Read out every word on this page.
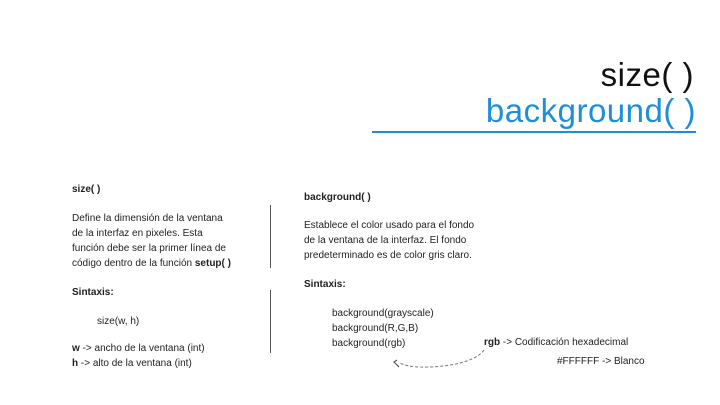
size( )
background( )
size( )
Define la dimensión de la ventana
de la interfaz en pixeles. Esta
función debe ser la primer línea de
código dentro de la función setup( )
Sintaxis:
size(w, h)
w -> ancho de la ventana (int)
h -> alto de la ventana (int)
background( )
Establece el color usado para el fondo
de la ventana de la interfaz. El fondo
predeterminado es de color gris claro.
Sintaxis:
background(grayscale)
background(R,G,B)
background(rgb)	rgb -> Codificación hexadecimal
#FFFFFF -> Blanco
